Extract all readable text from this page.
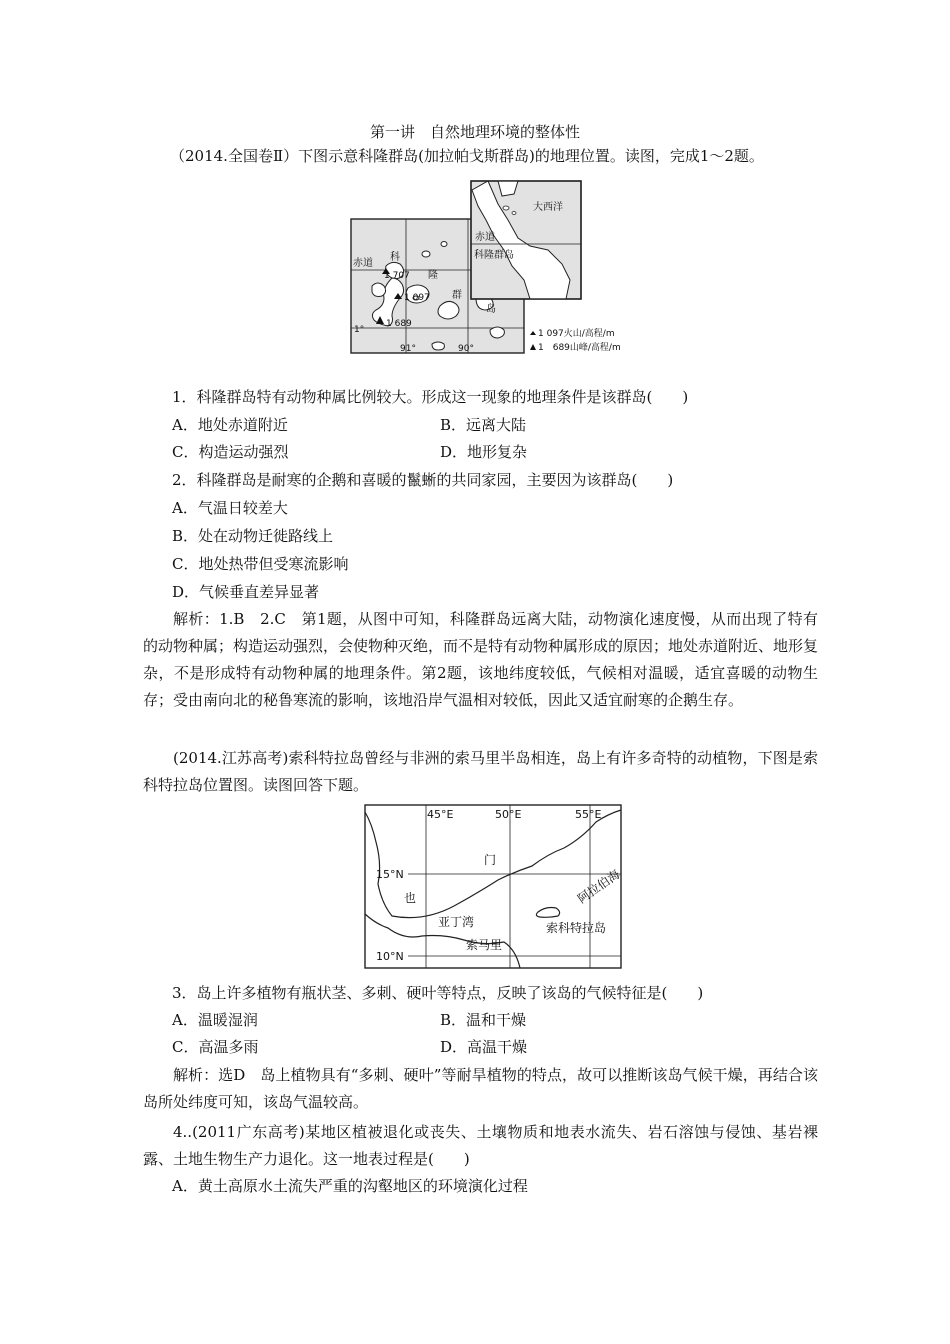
第一讲　自然地理环境的整体性
（2014.全国卷Ⅱ）下图示意科隆群岛(加拉帕戈斯群岛)的地理位置。读图，完成1～2题。
赤道
科
隆
群
岛
1 707
1 097
1 689
1°
91°	90°
大西洋
赤道
科隆群岛
1 097火山/高程/m
1　689山峰/高程/m
1．科隆群岛特有动物种属比例较大。形成这一现象的地理条件是该群岛(　　)
A．地处赤道附近	B．远离大陆
C．构造运动强烈	D．地形复杂
2．科隆群岛是耐寒的企鹅和喜暖的鬣蜥的共同家园，主要因为该群岛(　　)
A．气温日较差大
B．处在动物迁徙路线上
C．地处热带但受寒流影响
D．气候垂直差异显著
解析：1.B　2.C　第1题，从图中可知，科隆群岛远离大陆，动物演化速度慢，从而出现了特有的动物种属；构造运动强烈，会使物种灭绝，而不是特有动物种属形成的原因；地处赤道附近、地形复杂，不是形成特有动物种属的地理条件。第2题，该地纬度较低，气候相对温暖，适宜喜暖的动物生存；受由南向北的秘鲁寒流的影响，该地沿岸气温相对较低，因此又适宜耐寒的企鹅生存。
(2014.江苏高考)索科特拉岛曾经与非洲的索马里半岛相连，岛上有许多奇特的动植物，下图是索科特拉岛位置图。读图回答下题。
45°E	50°E	55°E
15°N
10°N
门
也	阿拉伯海
亚丁湾	索科特拉岛
索马里
3．岛上许多植物有瓶状茎、多刺、硬叶等特点，反映了该岛的气候特征是(　　)
A．温暖湿润	B．温和干燥
C．高温多雨	D．高温干燥
解析：选D　岛上植物具有“多刺、硬叶”等耐旱植物的特点，故可以推断该岛气候干燥，再结合该岛所处纬度可知，该岛气温较高。
4..(2011广东高考)某地区植被退化或丧失、土壤物质和地表水流失、岩石溶蚀与侵蚀、基岩裸露、土地生物生产力退化。这一地表过程是(　　)
A．黄土高原水土流失严重的沟壑地区的环境演化过程
